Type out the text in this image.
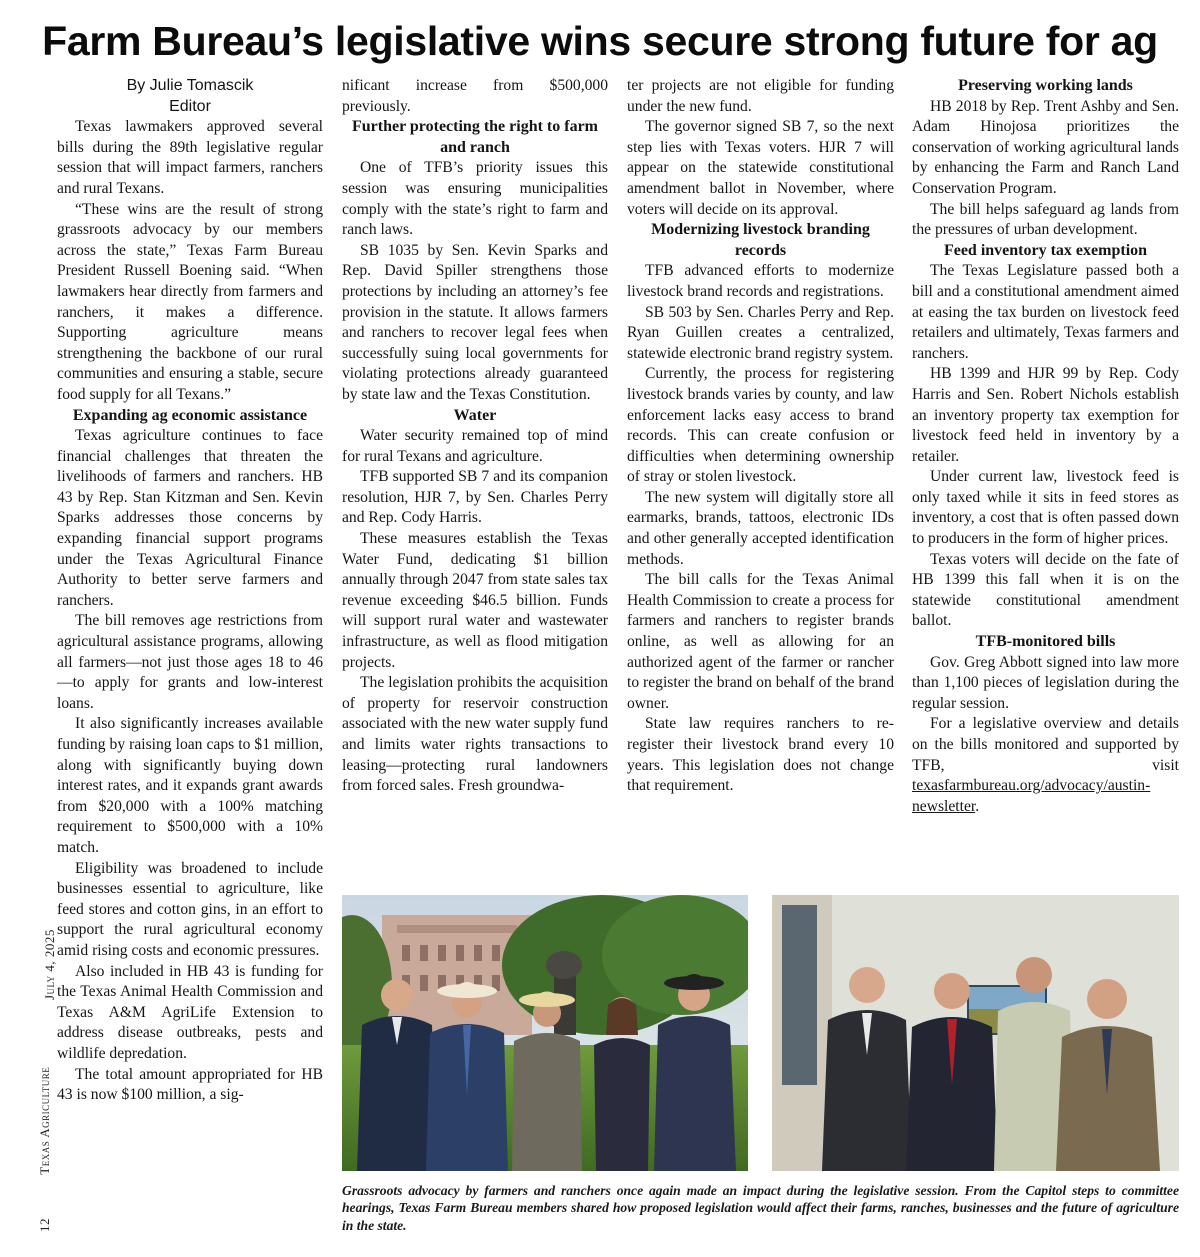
Farm Bureau’s legislative wins secure strong future for ag
By Julie Tomascik
Editor

Texas lawmakers approved several bills during the 89th legislative regular session that will impact farmers, ranchers and rural Texans.

“These wins are the result of strong grassroots advocacy by our members across the state,” Texas Farm Bureau President Russell Boening said. “When lawmakers hear directly from farmers and ranchers, it makes a difference. Supporting agriculture means strengthening the backbone of our rural communities and ensuring a stable, secure food supply for all Texans.”

Expanding ag economic assistance

Texas agriculture continues to face financial challenges that threaten the livelihoods of farmers and ranchers. HB 43 by Rep. Stan Kitzman and Sen. Kevin Sparks addresses those concerns by expanding financial support programs under the Texas Agricultural Finance Authority to better serve farmers and ranchers.

The bill removes age restrictions from agricultural assistance programs, allowing all farmers—not just those ages 18 to 46—to apply for grants and low-interest loans.

It also significantly increases available funding by raising loan caps to $1 million, along with significantly buying down interest rates, and it expands grant awards from $20,000 with a 100% matching requirement to $500,000 with a 10% match.

Eligibility was broadened to include businesses essential to agriculture, like feed stores and cotton gins, in an effort to support the rural agricultural economy amid rising costs and economic pressures.

Also included in HB 43 is funding for the Texas Animal Health Commission and Texas A&M AgriLife Extension to address disease outbreaks, pests and wildlife depredation.

The total amount appropriated for HB 43 is now $100 million, a sig-

nificant increase from $500,000 previously.

Further protecting the right to farm and ranch

One of TFB’s priority issues this session was ensuring municipalities comply with the state’s right to farm and ranch laws.

SB 1035 by Sen. Kevin Sparks and Rep. David Spiller strengthens those protections by including an attorney’s fee provision in the statute. It allows farmers and ranchers to recover legal fees when successfully suing local governments for violating protections already guaranteed by state law and the Texas Constitution.

Water

Water security remained top of mind for rural Texans and agriculture.

TFB supported SB 7 and its companion resolution, HJR 7, by Sen. Charles Perry and Rep. Cody Harris.

These measures establish the Texas Water Fund, dedicating $1 billion annually through 2047 from state sales tax revenue exceeding $46.5 billion. Funds will support rural water and wastewater infrastructure, as well as flood mitigation projects.

The legislation prohibits the acquisition of property for reservoir construction associated with the new water supply fund and limits water rights transactions to leasing—protecting rural landowners from forced sales. Fresh groundwa-

ter projects are not eligible for funding under the new fund.

The governor signed SB 7, so the next step lies with Texas voters. HJR 7 will appear on the statewide constitutional amendment ballot in November, where voters will decide on its approval.

Modernizing livestock branding records

TFB advanced efforts to modernize livestock brand records and registrations.

SB 503 by Sen. Charles Perry and Rep. Ryan Guillen creates a centralized, statewide electronic brand registry system.

Currently, the process for registering livestock brands varies by county, and law enforcement lacks easy access to brand records. This can create confusion or difficulties when determining ownership of stray or stolen livestock.

The new system will digitally store all earmarks, brands, tattoos, electronic IDs and other generally accepted identification methods.

The bill calls for the Texas Animal Health Commission to create a process for farmers and ranchers to register brands online, as well as allowing for an authorized agent of the farmer or rancher to register the brand on behalf of the brand owner.

State law requires ranchers to re-register their livestock brand every 10 years. This legislation does not change that requirement.

Preserving working lands

HB 2018 by Rep. Trent Ashby and Sen. Adam Hinojosa prioritizes the conservation of working agricultural lands by enhancing the Farm and Ranch Land Conservation Program.

The bill helps safeguard ag lands from the pressures of urban development.

Feed inventory tax exemption

The Texas Legislature passed both a bill and a constitutional amendment aimed at easing the tax burden on livestock feed retailers and ultimately, Texas farmers and ranchers.

HB 1399 and HJR 99 by Rep. Cody Harris and Sen. Robert Nichols establish an inventory property tax exemption for livestock feed held in inventory by a retailer.

Under current law, livestock feed is only taxed while it sits in feed stores as inventory, a cost that is often passed down to producers in the form of higher prices.

Texas voters will decide on the fate of HB 1399 this fall when it is on the statewide constitutional amendment ballot.

TFB-monitored bills

Gov. Greg Abbott signed into law more than 1,100 pieces of legislation during the regular session.

For a legislative overview and details on the bills monitored and supported by TFB, visit texasfarmbureau.org/advocacy/austin-newsletter.

July 4, 2025
12  Texas Agriculture
Grassroots advocacy by farmers and ranchers once again made an impact during the legislative session. From the Capitol steps to committee hearings, Texas Farm Bureau members shared how proposed legislation would affect their farms, ranches, businesses and the future of agriculture in the state.
